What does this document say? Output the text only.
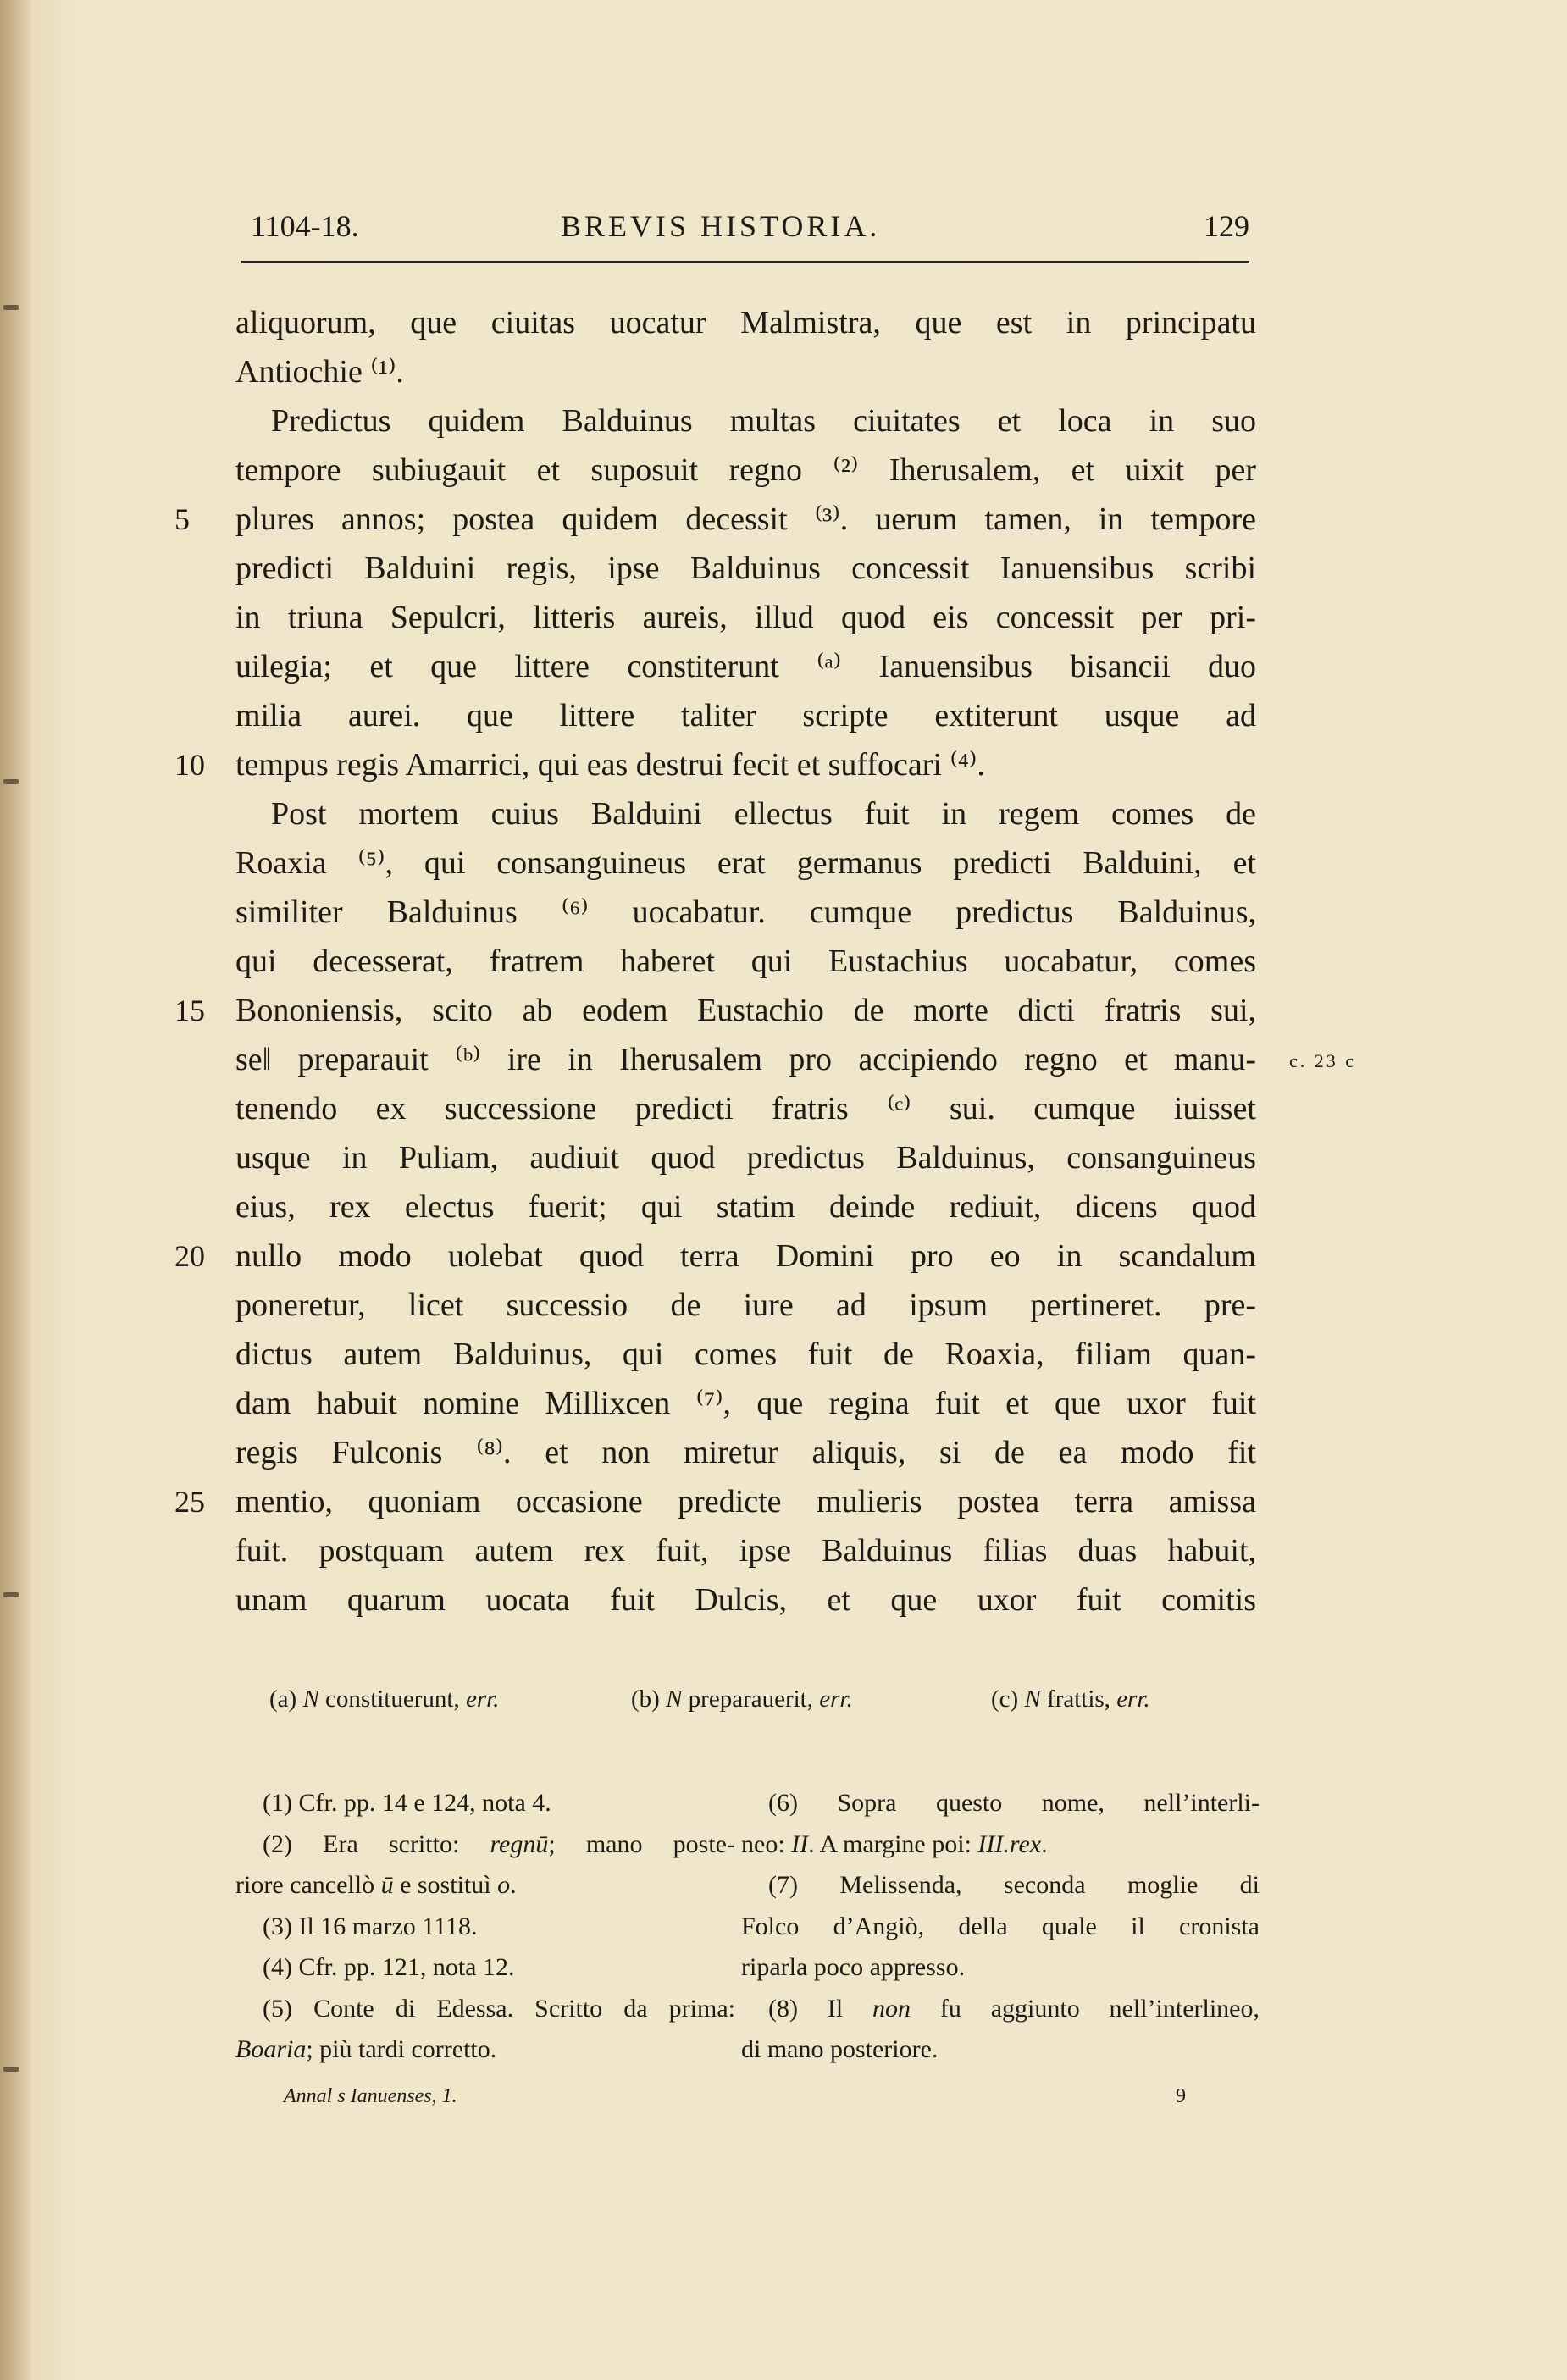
1104-18.	BREVIS HISTORIA.	129
aliquorum, que ciuitas uocatur Malmistra, que est in principatu
Antiochie ⁽¹⁾.
Predictus quidem Balduinus multas ciuitates et loca in suo
tempore subiugauit et suposuit regno ⁽²⁾ Iherusalem, et uixit per
5 plures annos; postea quidem decessit ⁽³⁾. uerum tamen, in tempore
predicti Balduini regis, ipse Balduinus concessit Ianuensibus scribi
in triuna Sepulcri, litteris aureis, illud quod eis concessit per pri-
uilegia; et que littere constiterunt ⁽ᵃ⁾ Ianuensibus bisancii duo
milia aurei. que littere taliter scripte extiterunt usque ad
10 tempus regis Amarrici, qui eas destrui fecit et suffocari ⁽⁴⁾.
Post mortem cuius Balduini ellectus fuit in regem comes de
Roaxia ⁽⁵⁾, qui consanguineus erat germanus predicti Balduini, et
similiter Balduinus ⁽⁶⁾ uocabatur. cumque predictus Balduinus,
qui decesserat, fratrem haberet qui Eustachius uocabatur, comes
15 Bononiensis, scito ab eodem Eustachio de morte dicti fratris sui,
se‖ preparauit ⁽ᵇ⁾ ire in Iherusalem pro accipiendo regno et manu-
tenendo ex successione predicti fratris ⁽ᶜ⁾ sui. cumque iuisset
usque in Puliam, audiuit quod predictus Balduinus, consanguineus
eius, rex electus fuerit; qui statim deinde rediuit, dicens quod
20 nullo modo uolebat quod terra Domini pro eo in scandalum
poneretur, licet successio de iure ad ipsum pertineret. pre-
dictus autem Balduinus, qui comes fuit de Roaxia, filiam quan-
dam habuit nomine Millixcen ⁽⁷⁾, que regina fuit et que uxor fuit
regis Fulconis ⁽⁸⁾. et non miretur aliquis, si de ea modo fit
25 mentio, quoniam occasione predicte mulieris postea terra amissa
fuit. postquam autem rex fuit, ipse Balduinus filias duas habuit,
unam quarum uocata fuit Dulcis, et que uxor fuit comitis
c. 23 c
(1) Cfr. pp. 14 e 124, nota 4.
(2) Era scritto: regnū; mano poste-
riore cancellò ū e sostituì o.
(3) Il 16 marzo 1118.
(4) Cfr. pp. 121, nota 12.
(5) Conte di Edessa. Scritto da prima:
Boaria; più tardi corretto.
(6) Sopra questo nome, nell’interli-
neo: II. A margine poi: III.rex.
(7) Melissenda, seconda moglie di
Folco d’Angiò, della quale il cronista
riparla poco appresso.
(8) Il non fu aggiunto nell’interlineo,
di mano posteriore.
Annal s Ianuenses, 1.	9
(a) N constituerunt, err.	(b) N preparauerit, err.	(c) N frattis, err.
